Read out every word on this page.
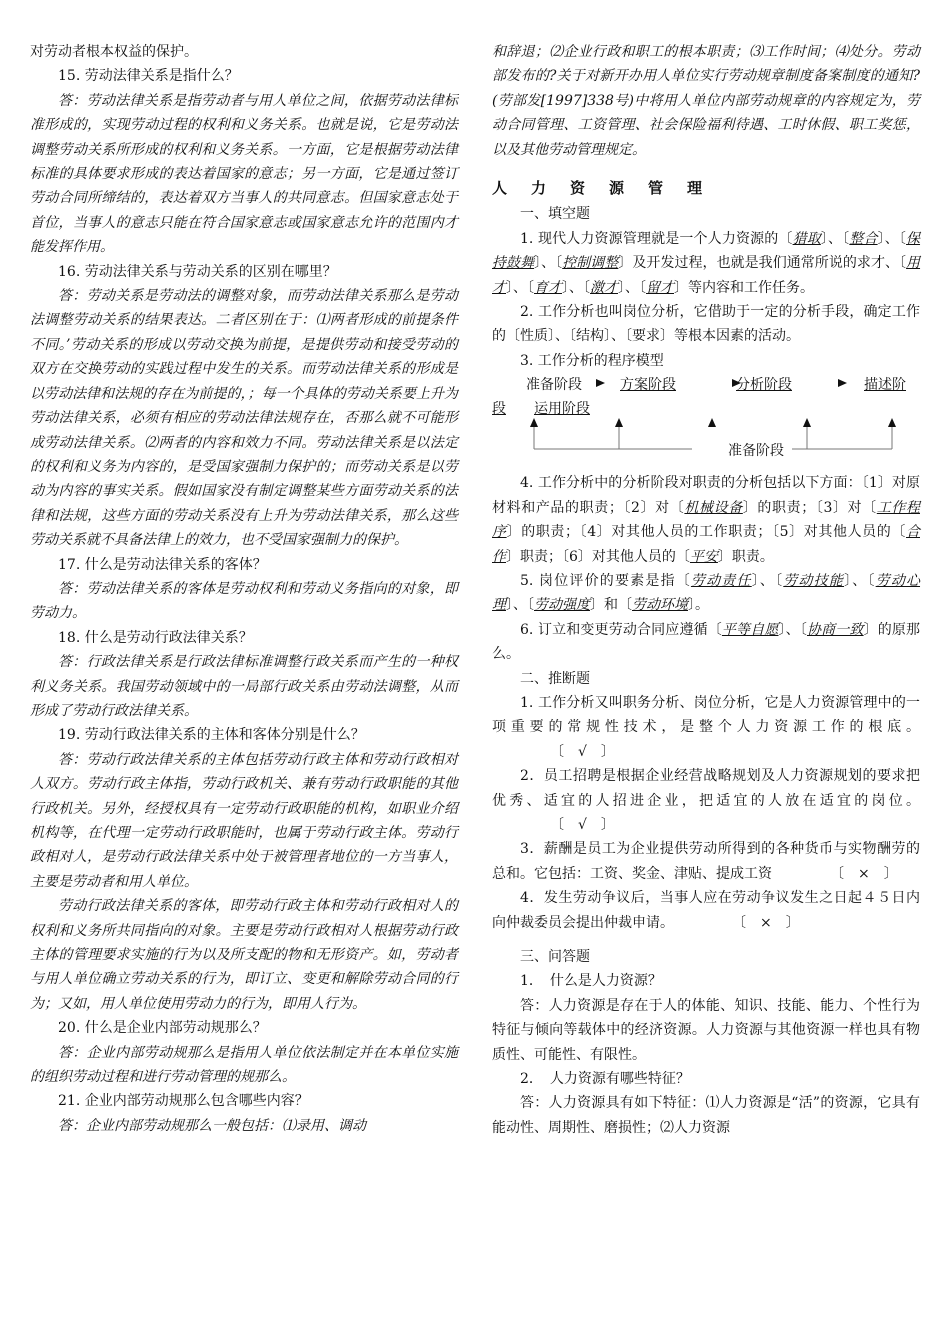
对劳动者根本权益的保护。

15. 劳动法律关系是指什么？

答：劳动法律关系是指劳动者与用人单位之间，依据劳动法律标准形成的，实现劳动过程的权利和义务关系。也就是说，它是劳动法调整劳动关系所形成的权利和义务关系。一方面，它是根据劳动法律标准的具体要求形成的表达着国家的意志；另一方面，它是通过签订劳动合同所缔结的，表达着双方当事人的共同意志。但国家意志处于首位，当事人的意志只能在符合国家意志或国家意志允许的范围内才能发挥作用。

16. 劳动法律关系与劳动关系的区别在哪里？

答：劳动关系是劳动法的调整对象，而劳动法律关系那么是劳动法调整劳动关系的结果表达。二者区别在于：⑴两者形成的前提条件不同。’劳动关系的形成以劳动交换为前提，是提供劳动和接受劳动的双方在交换劳动的实践过程中发生的关系。而劳动法律关系的形成是以劳动法律和法规的存在为前提的，；每一个具体的劳动关系要上升为劳动法律关系，必须有相应的劳动法律法规存在，否那么就不可能形成劳动法律关系。⑵两者的内容和效力不同。劳动法律关系是以法定的权利和义务为内容的，是受国家强制力保护的；而劳动关系是以劳动为内容的事实关系。假如国家没有制定调整某些方面劳动关系的法律和法规，这些方面的劳动关系没有上升为劳动法律关系，那么这些劳动关系就不具备法律上的效力，也不受国家强制力的保护。

17. 什么是劳动法律关系的客体？

答：劳动法律关系的客体是劳动权利和劳动义务指向的对象，即劳动力。

18. 什么是劳动行政法律关系？

答：行政法律关系是行政法律标准调整行政关系而产生的一种权利义务关系。我国劳动领域中的一局部行政关系由劳动法调整，从而形成了劳动行政法律关系。

19. 劳动行政法律关系的主体和客体分别是什么？

答：劳动行政法律关系的主体包括劳动行政主体和劳动行政相对人双方。劳动行政主体指，劳动行政机关、兼有劳动行政职能的其他行政机关。另外，经授权具有一定劳动行政职能的机构，如职业介绍机构等，在代理一定劳动行政职能时，也属于劳动行政主体。劳动行政相对人，是劳动行政法律关系中处于被管理者地位的一方当事人，主要是劳动者和用人单位。

劳动行政法律关系的客体，即劳动行政主体和劳动行政相对人的权利和义务所共同指向的对象。主要是劳动行政相对人根据劳动行政主体的管理要求实施的行为以及所支配的物和无形资产。如，劳动者与用人单位确立劳动关系的行为，即订立、变更和解除劳动合同的行为；又如，用人单位使用劳动力的行为，即用人行为。

20. 什么是企业内部劳动规那么？

答：企业内部劳动规那么是指用人单位依法制定并在本单位实施的组织劳动过程和进行劳动管理的规那么。

21. 企业内部劳动规那么包含哪些内容？

答：企业内部劳动规那么一般包括：⑴录用、调动

和辞退；⑵企业行政和职工的根本职责；⑶工作时间；⑷处分。劳动部发布的?关于对新开办用人单位实行劳动规章制度备案制度的通知?(劳部发[1997]338号)中将用人单位内部劳动规章的内容规定为，劳动合同管理、工资管理、社会保险福利待遇、工时休假、职工奖惩，以及其他劳动管理规定。

人力资源管理

一、填空题

1. 现代人力资源管理就是一个人力资源的〔猎取〕、〔整合〕、〔保持鼓舞〕、〔控制调整〕及开发过程，也就是我们通常所说的求才、〔用才〕、〔育才〕、〔激才〕、〔留才〕等内容和工作任务。

2. 工作分析也叫岗位分析，它借助于一定的分析手段，确定工作的〔性质〕、〔结构〕、〔要求〕等根本因素的活动。

3. 工作分析的程序模型

准备阶段	方案阶段	分析阶段	描述阶
段 运用阶段
准备阶段

4. 工作分析中的分析阶段对职责的分析包括以下方面：〔1〕对原材料和产品的职责；〔2〕对〔机械设备〕的职责；〔3〕对〔工作程序〕的职责；〔4〕对其他人员的工作职责；〔5〕对其他人员的〔合作〕职责；〔6〕对其他人员的〔平安〕职责。

5. 岗位评价的要素是指〔劳动责任〕、〔劳动技能〕、〔劳动心理〕、〔劳动强度〕和〔劳动环境〕。

6. 订立和变更劳动合同应遵循〔平等自愿〕、〔协商一致〕的原那么。

二、推断题

1. 工作分析又叫职务分析、岗位分析，它是人力资源管理中的一项重要的常规性技术，是整个人力资源工作的根底。〔　√　〕

2．员工招聘是根据企业经营战略规划及人力资源规划的要求把优秀、适宜的人招进企业，把适宜的人放在适宜的岗位。〔　√　〕

3．薪酬是员工为企业提供劳动所得到的各种货币与实物酬劳的总和。它包括：工资、奖金、津贴、提成工资	〔　×　〕

4．发生劳动争议后，当事人应在劳动争议发生之日起４５日内向仲裁委员会提出仲裁申请。	〔　×　〕

三、问答题

1．　什么是人力资源？

答：人力资源是存在于人的体能、知识、技能、能力、个性行为特征与倾向等载体中的经济资源。人力资源与其他资源一样也具有物质性、可能性、有限性。

2．　人力资源有哪些特征？

答：人力资源具有如下特征：⑴人力资源是“活”的资源，它具有能动性、周期性、磨损性；⑵人力资源
